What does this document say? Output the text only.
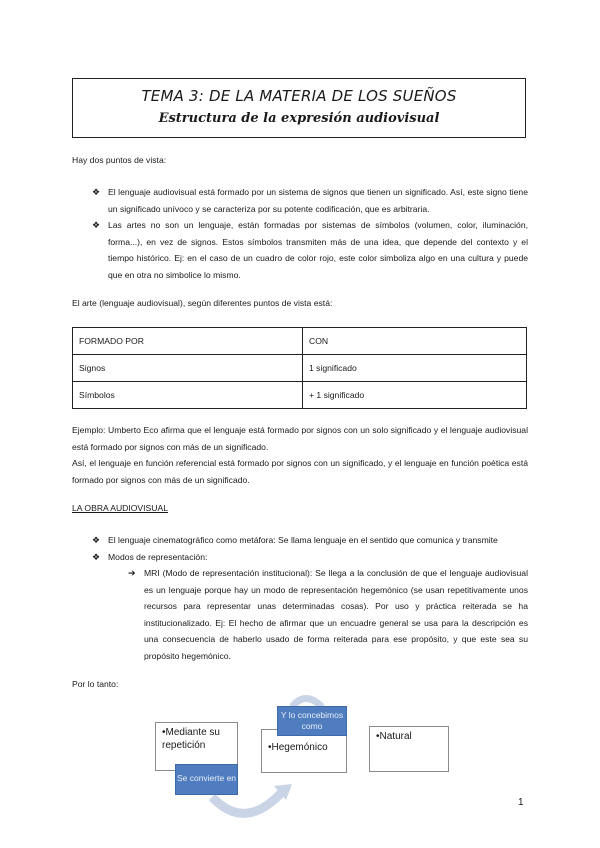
TEMA 3: DE LA MATERIA DE LOS SUEÑOS
Estructura de la expresión audiovisual
Hay dos puntos de vista:
❖ El lenguaje audiovisual está formado por un sistema de signos que tienen un significado. Así, este signo tiene un significado unívoco y se caracteriza por su potente codificación, que es arbitraria.
❖ Las artes no son un lenguaje, están formadas por sistemas de símbolos (volumen, color, iluminación, forma...), en vez de signos. Estos símbolos transmiten más de una idea, que depende del contexto y el tiempo histórico. Ej: en el caso de un cuadro de color rojo, este color simboliza algo en una cultura y puede que en otra no simbolice lo mismo.
El arte (lenguaje audiovisual), según diferentes puntos de vista está:
FORMADO POR	CON
Signos	1 significado
Símbolos	+ 1 significado
Ejemplo: Umberto Eco afirma que el lenguaje está formado por signos con un solo significado y el lenguaje audiovisual está formado por signos con más de un significado.
Así, el lenguaje en función referencial está formado por signos con un significado, y el lenguaje en función poética está formado por signos con más de un significado.
LA OBRA AUDIOVISUAL
❖ El lenguaje cinematográfico como metáfora: Se llama lenguaje en el sentido que comunica y transmite
❖ Modos de representación:
➔ MRI (Modo de representación institucional): Se llega a la conclusión de que el lenguaje audiovisual es un lenguaje porque hay un modo de representación hegemónico (se usan repetitivamente unos recursos para representar unas determinadas cosas). Por uso y práctica reiterada se ha institucionalizado. Ej: El hecho de afirmar que un encuadre general se usa para la descripción es una consecuencia de haberlo usado de forma reiterada para ese propósito, y que este sea su propósito hegemónico.
Por lo tanto:
•Mediante su repetición	•Hegemónico
•Natural
Se convierte en
Y lo concebimos como
1
